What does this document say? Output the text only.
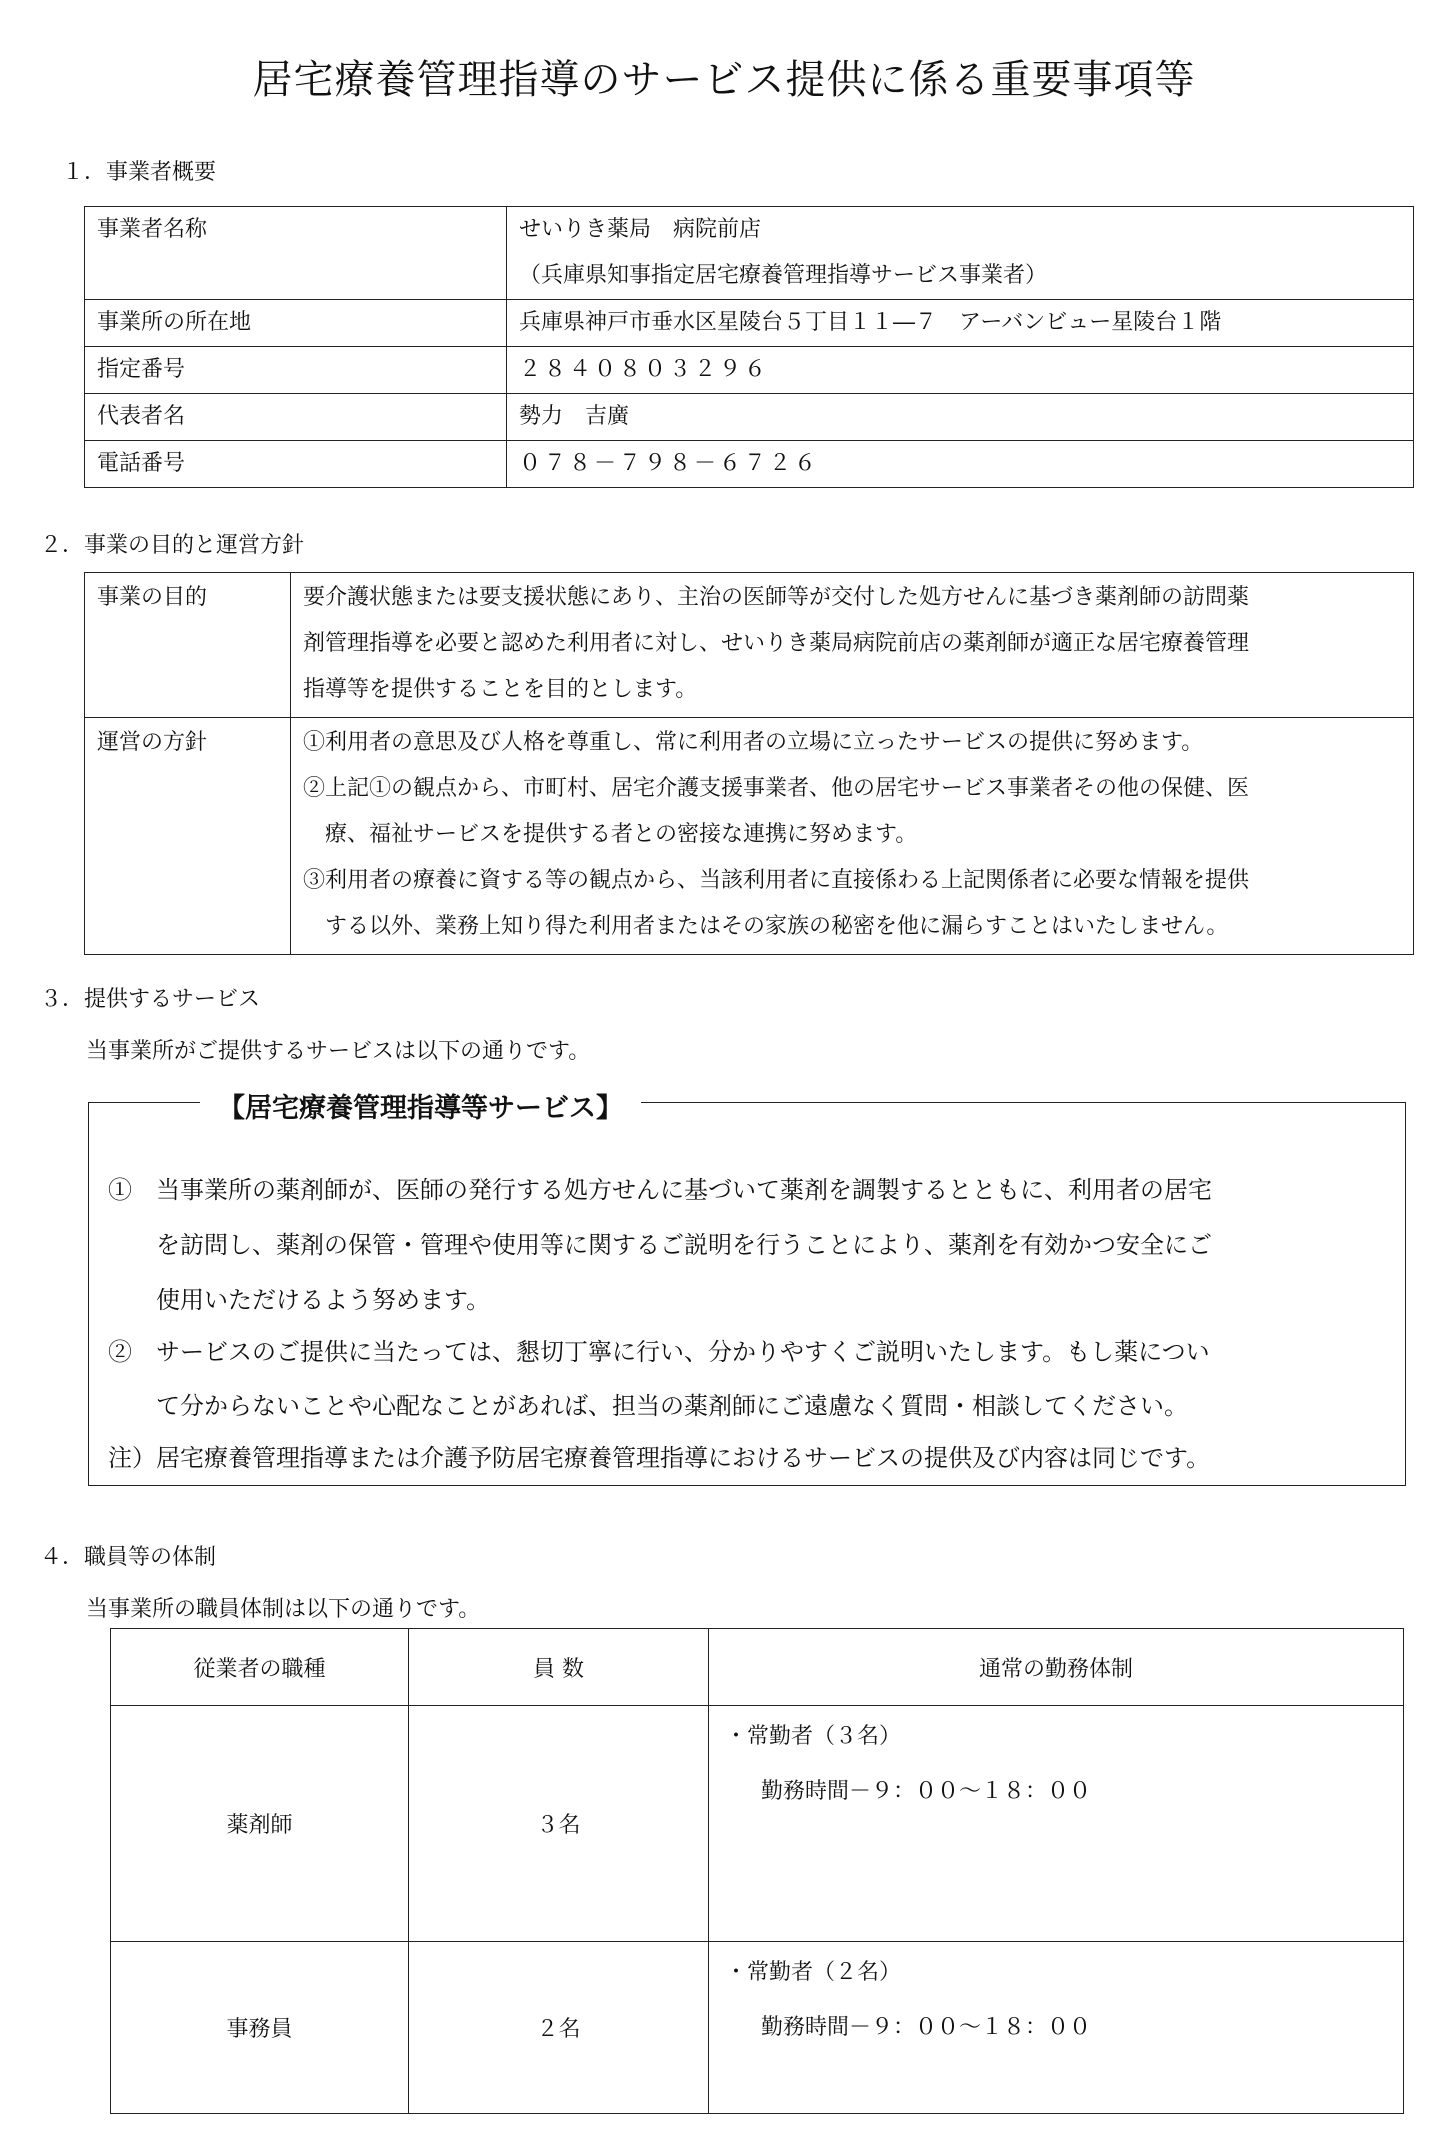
居宅療養管理指導のサービス提供に係る重要事項等
１．事業者概要
事業者名称	せいりき薬局　病院前店
（兵庫県知事指定居宅療養管理指導サービス事業者）

事業所の所在地	兵庫県神戸市垂水区星陵台５丁目１１―７　アーバンビュー星陵台１階
指定番号	２８４０８０３２９６
代表者名	勢力　吉廣
電話番号	０７８－７９８－６７２６
２．事業の目的と運営方針
事業の目的	要介護状態または要支援状態にあり、主治の医師等が交付した処方せんに基づき薬剤師の訪問薬
剤管理指導を必要と認めた利用者に対し、せいりき薬局病院前店の薬剤師が適正な居宅療養管理
指導等を提供することを目的とします。

運営の方針	①利用者の意思及び人格を尊重し、常に利用者の立場に立ったサービスの提供に努めます。
②上記①の観点から、市町村、居宅介護支援事業者、他の居宅サービス事業者その他の保健、医
　療、福祉サービスを提供する者との密接な連携に努めます。
③利用者の療養に資する等の観点から、当該利用者に直接係わる上記関係者に必要な情報を提供
　する以外、業務上知り得た利用者またはその家族の秘密を他に漏らすことはいたしません。
３．提供するサービス
当事業所がご提供するサービスは以下の通りです。
【居宅療養管理指導等サービス】
①　当事業所の薬剤師が、医師の発行する処方せんに基づいて薬剤を調製するとともに、利用者の居宅
　　を訪問し、薬剤の保管・管理や使用等に関するご説明を行うことにより、薬剤を有効かつ安全にご
　　使用いただけるよう努めます。
②　サービスのご提供に当たっては、懇切丁寧に行い、分かりやすくご説明いたします。もし薬につい
　　て分からないことや心配なことがあれば、担当の薬剤師にご遠慮なく質問・相談してください。
注）居宅療養管理指導または介護予防居宅療養管理指導におけるサービスの提供及び内容は同じです。
４．職員等の体制
当事業所の職員体制は以下の通りです。
従業者の職種	員 数	通常の勤務体制
薬剤師	３名	・常勤者（３名）
勤務時間－９：００～１８：００

事務員	２名	・常勤者（２名）
勤務時間－９：００～１８：００
